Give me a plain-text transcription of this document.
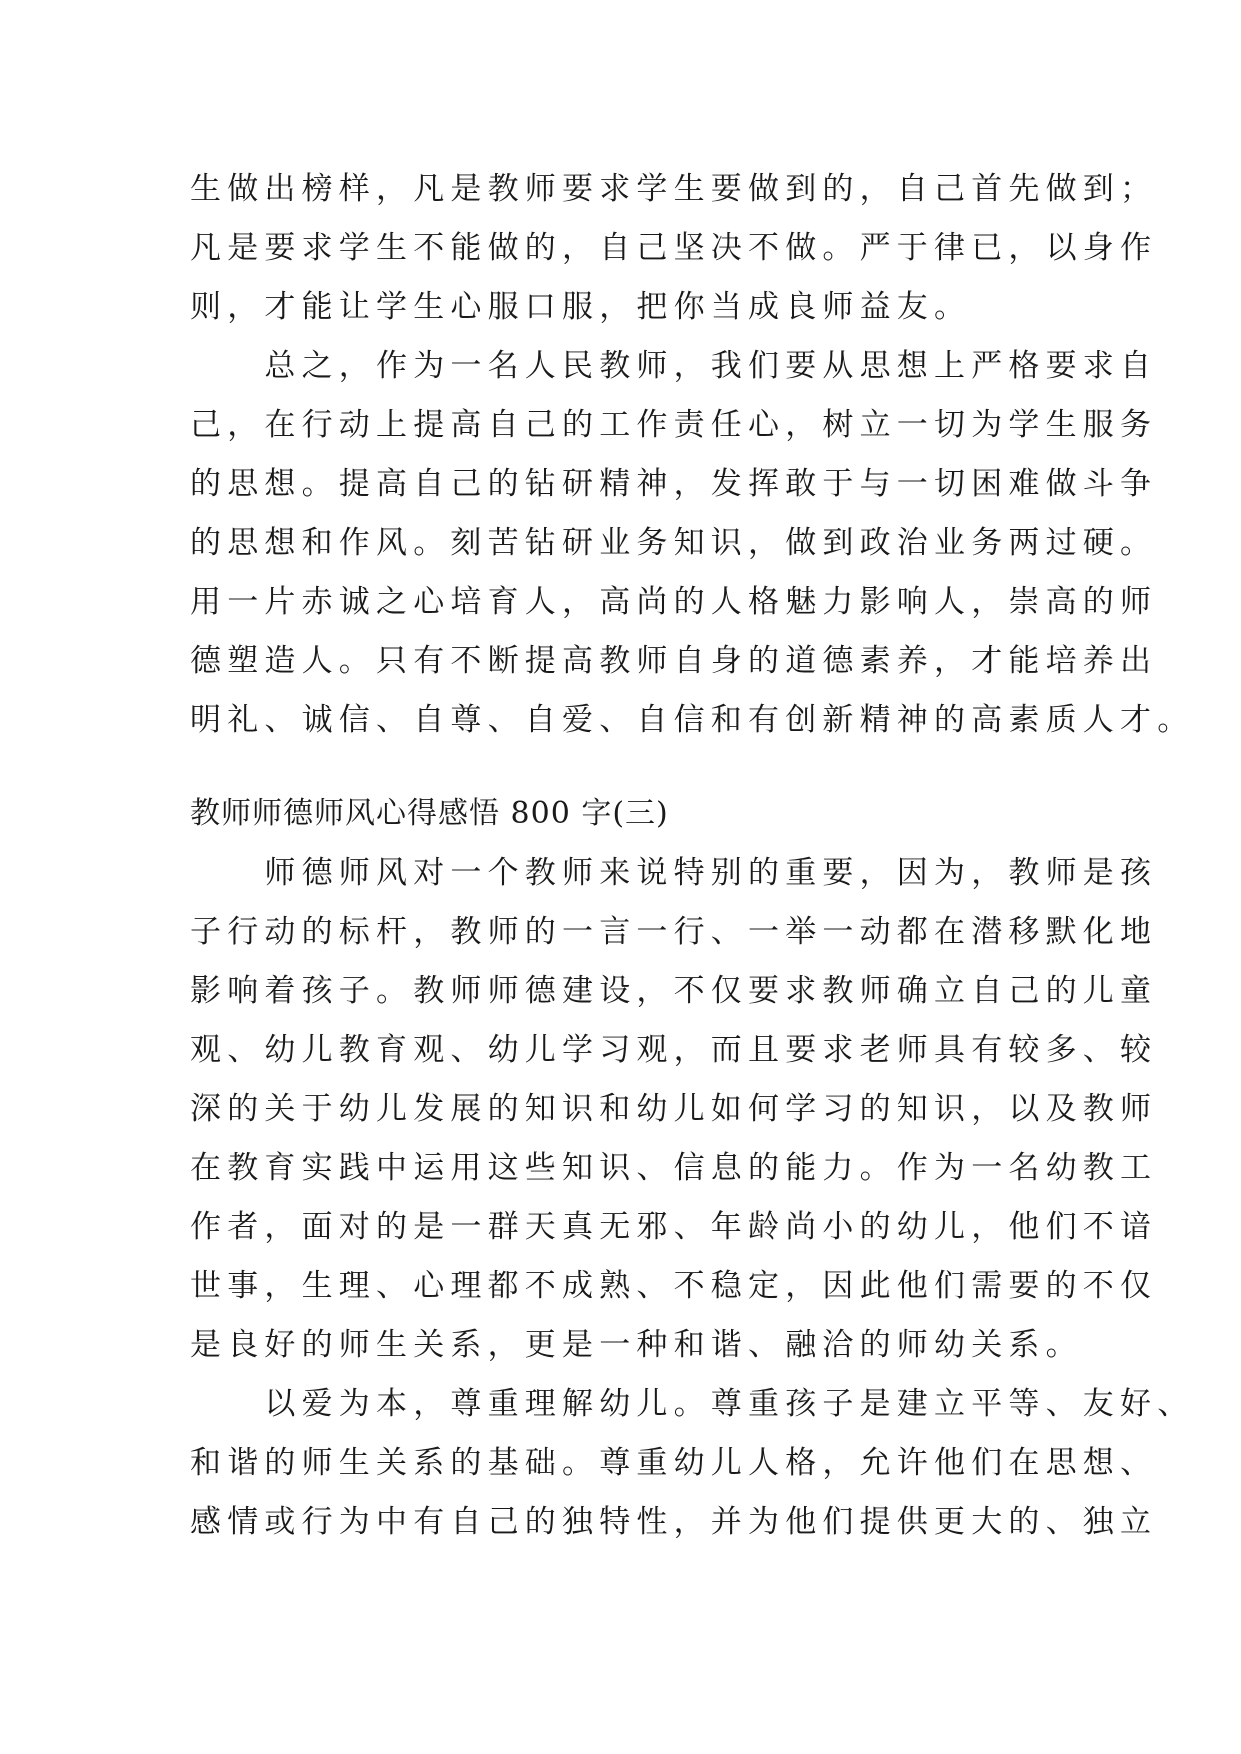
生做出榜样，凡是教师要求学生要做到的，自己首先做到；
凡是要求学生不能做的，自己坚决不做。严于律已，以身作
则，才能让学生心服口服，把你当成良师益友。
　　总之，作为一名人民教师，我们要从思想上严格要求自
己，在行动上提高自己的工作责任心，树立一切为学生服务
的思想。提高自己的钻研精神，发挥敢于与一切困难做斗争
的思想和作风。刻苦钻研业务知识，做到政治业务两过硬。
用一片赤诚之心培育人，高尚的人格魅力影响人，崇高的师
德塑造人。只有不断提高教师自身的道德素养，才能培养出
明礼、诚信、自尊、自爱、自信和有创新精神的高素质人才。
教师师德师风心得感悟 800 字(三)
　　师德师风对一个教师来说特别的重要，因为，教师是孩
子行动的标杆，教师的一言一行、一举一动都在潜移默化地
影响着孩子。教师师德建设，不仅要求教师确立自己的儿童
观、幼儿教育观、幼儿学习观，而且要求老师具有较多、较
深的关于幼儿发展的知识和幼儿如何学习的知识，以及教师
在教育实践中运用这些知识、信息的能力。作为一名幼教工
作者，面对的是一群天真无邪、年龄尚小的幼儿，他们不谙
世事，生理、心理都不成熟、不稳定，因此他们需要的不仅
是良好的师生关系，更是一种和谐、融洽的师幼关系。
　　以爱为本，尊重理解幼儿。尊重孩子是建立平等、友好、
和谐的师生关系的基础。尊重幼儿人格，允许他们在思想、
感情或行为中有自己的独特性，并为他们提供更大的、独立
